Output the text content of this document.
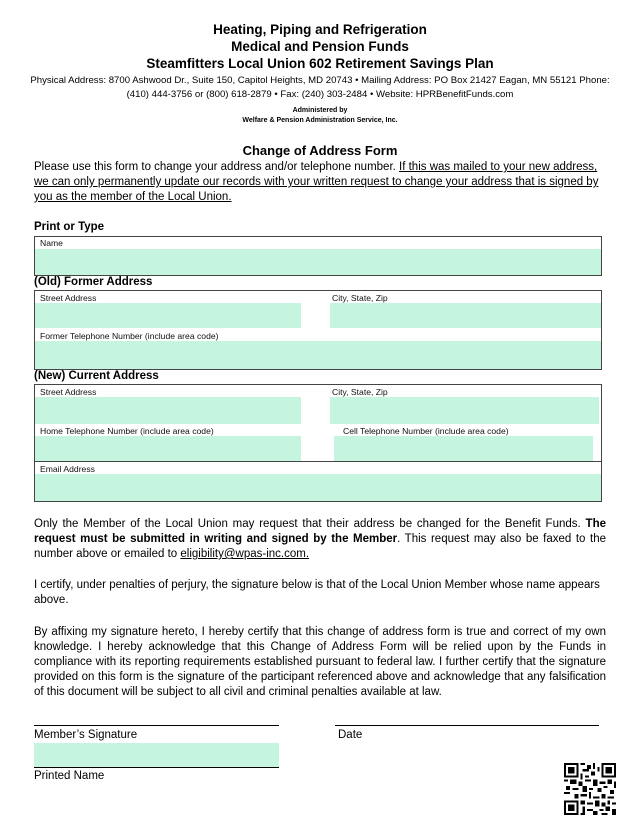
Heating, Piping and Refrigeration
Medical and Pension Funds
Steamfitters Local Union 602 Retirement Savings Plan
Physical Address: 8700 Ashwood Dr., Suite 150, Capitol Heights, MD 20743 • Mailing Address: PO Box 21427 Eagan, MN 55121 Phone:
(410) 444-3756 or (800) 618-2879 • Fax: (240) 303-2484 • Website: HPRBenefitFunds.com
Administered by
Welfare & Pension Administration Service, Inc.
Change of Address Form
Please use this form to change your address and/or telephone number. If this was mailed to your new address, we can only permanently update our records with your written request to change your address that is signed by you as the member of the Local Union.
Print or Type
Name
(Old) Former Address
Street Address	City, State, Zip
Former Telephone Number (include area code)
(New) Current Address
Street Address	City, State, Zip
Home Telephone Number (include area code)	Cell Telephone Number (include area code)
Email Address
Only the Member of the Local Union may request that their address be changed for the Benefit Funds. The request must be submitted in writing and signed by the Member. This request may also be faxed to the number above or emailed to eligibility@wpas-inc.com.
I certify, under penalties of perjury, the signature below is that of the Local Union Member whose name appears above.
By affixing my signature hereto, I hereby certify that this change of address form is true and correct of my own knowledge. I hereby acknowledge that this Change of Address Form will be relied upon by the Funds in compliance with its reporting requirements established pursuant to federal law. I further certify that the signature provided on this form is the signature of the participant referenced above and acknowledge that any falsification of this document will be subject to all civil and criminal penalties available at law.
Member’s Signature	Date
Printed Name
